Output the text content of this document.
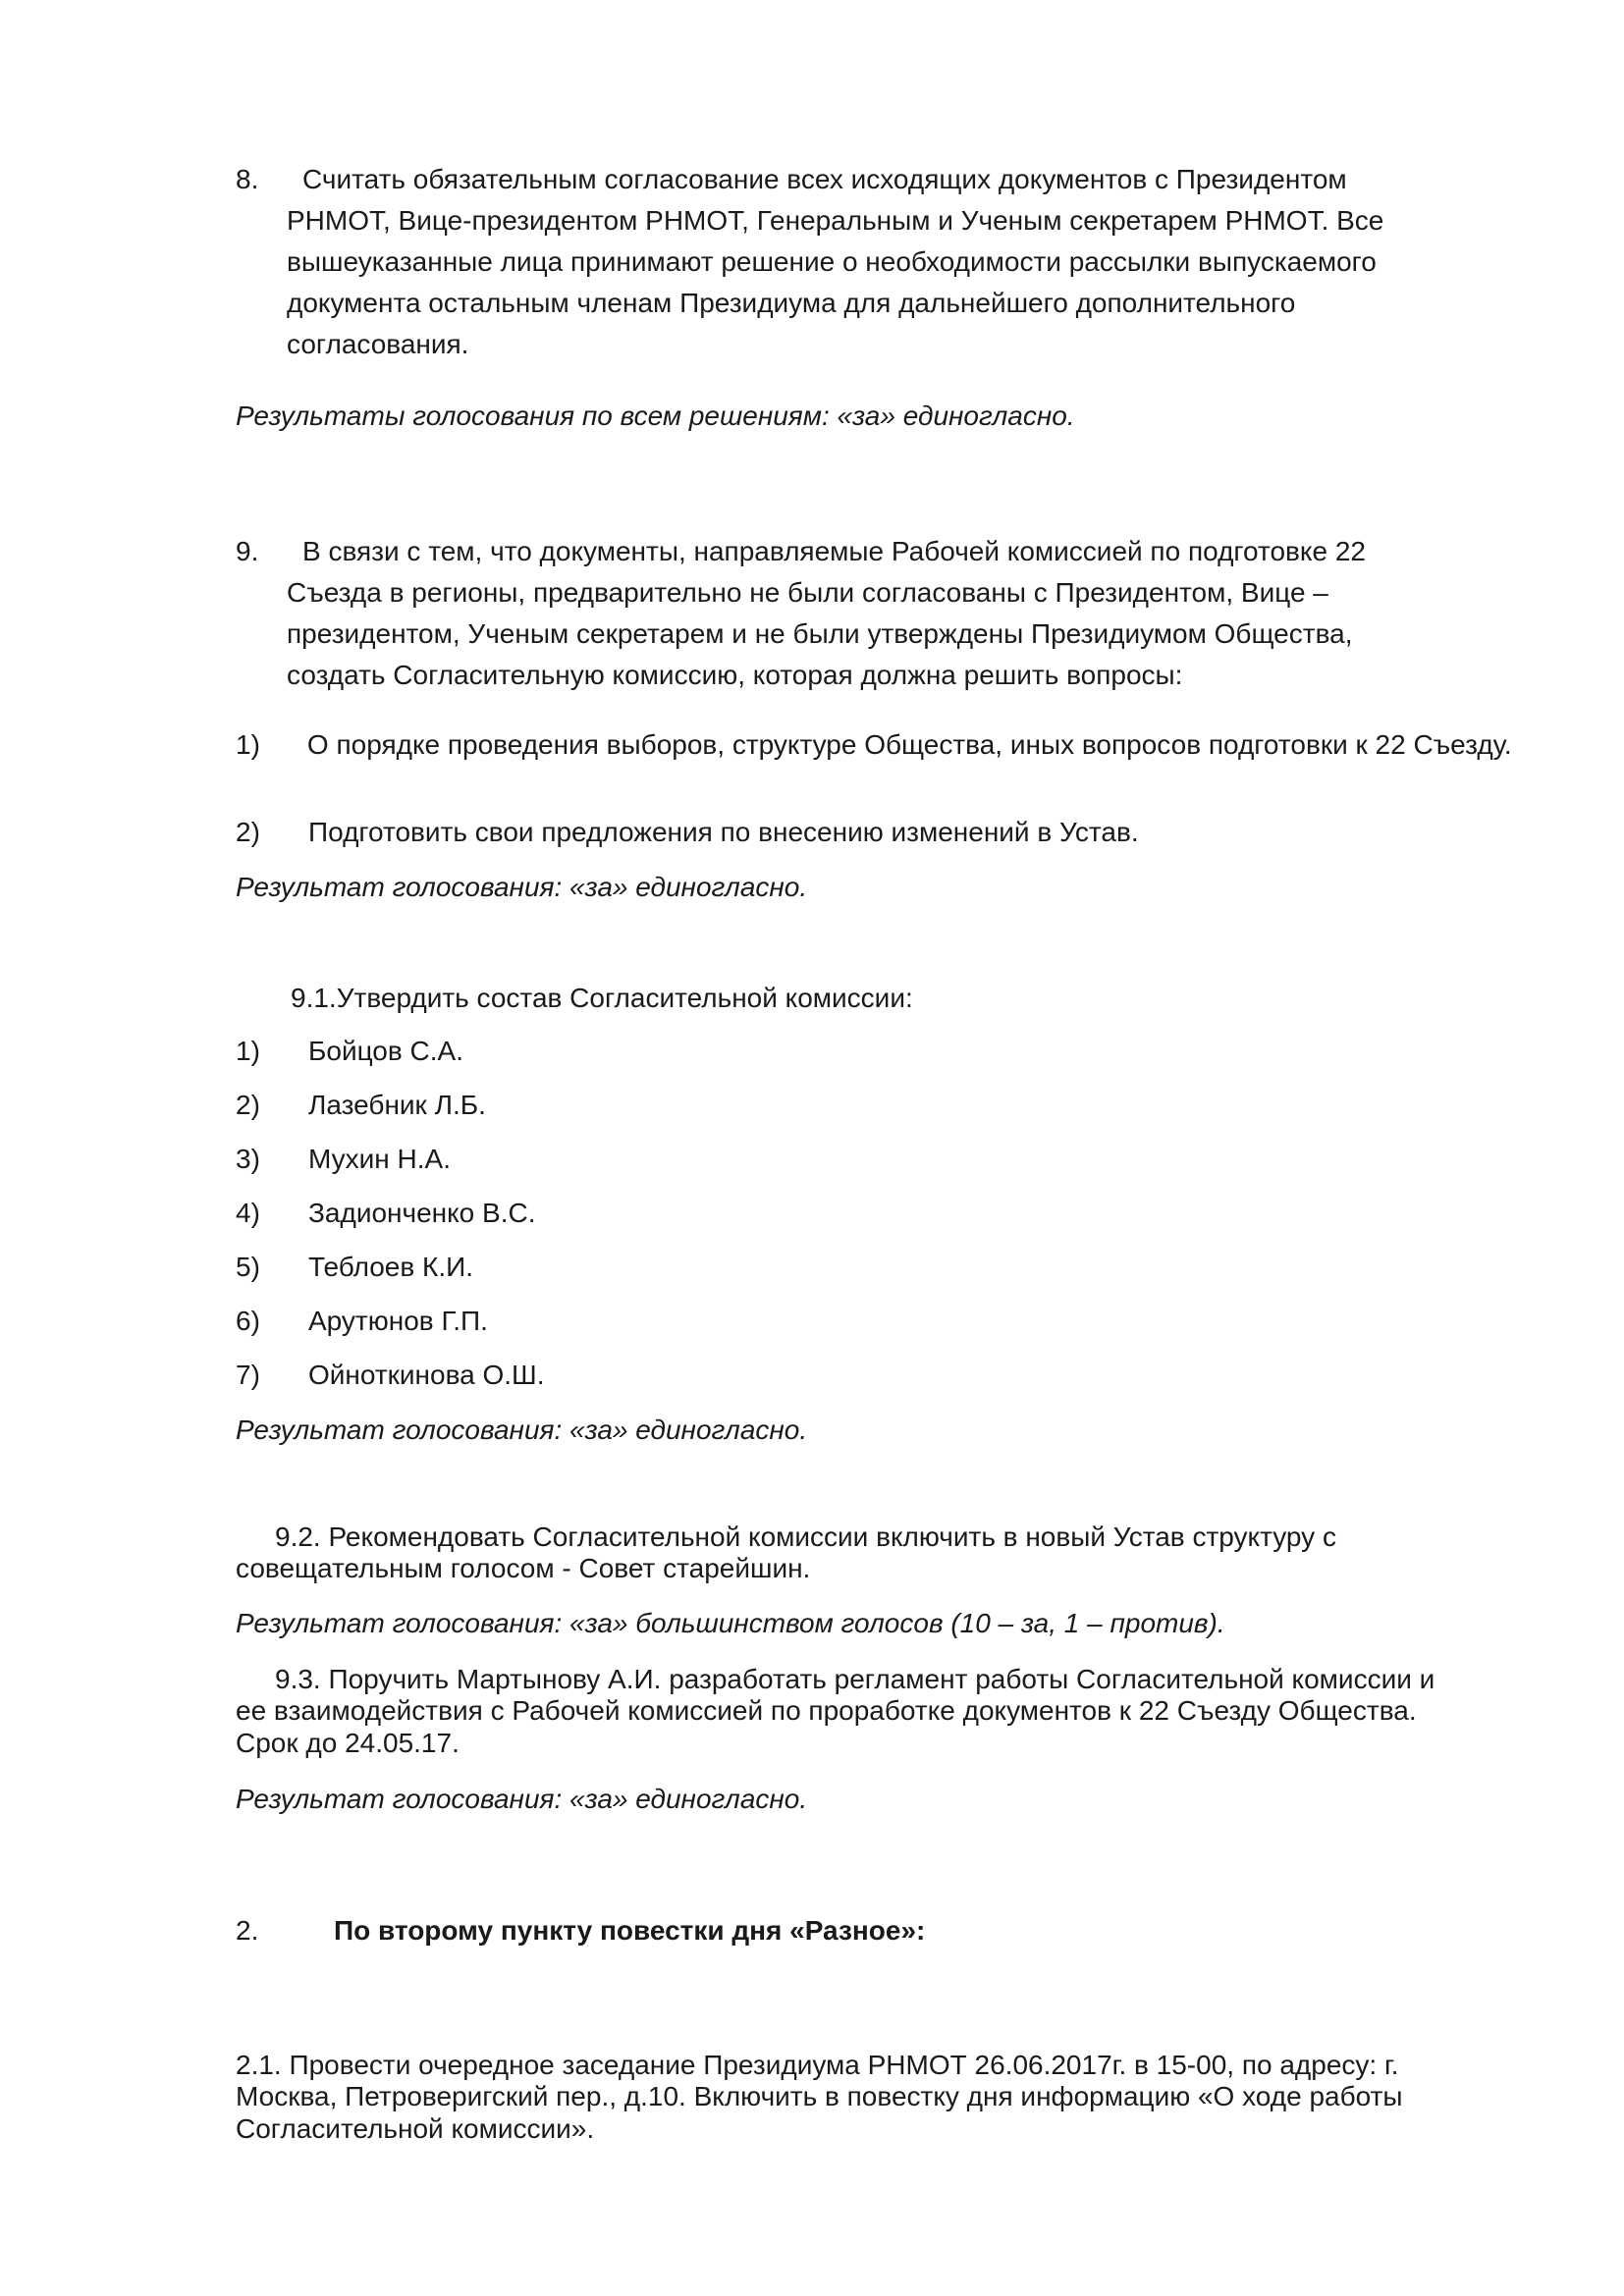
8.	Считать обязательным согласование всех исходящих документов с Президентом РНМОТ, Вице-президентом РНМОТ, Генеральным и Ученым секретарем РНМОТ. Все вышеуказанные лица принимают решение о необходимости рассылки выпускаемого документа остальным членам Президиума для дальнейшего дополнительного согласования.

Результаты голосования по всем решениям: «за» единогласно.

9.	В связи с тем, что документы, направляемые Рабочей комиссией по подготовке 22 Съезда в регионы, предварительно не были согласованы с Президентом, Вице – президентом, Ученым секретарем и не были утверждены Президиумом Общества, создать Согласительную комиссию, которая должна решить вопросы:
1) О порядке проведения выборов, структуре Общества, иных вопросов подготовки к 22 Съезду.
2) Подготовить свои предложения по внесению изменений в Устав.

Результат голосования: «за» единогласно.

9.1.Утвердить состав Согласительной комиссии:

1) Бойцов С.А.
2) Лазебник Л.Б.
3) Мухин Н.А.
4) Задионченко В.С.
5) Теблоев К.И.
6) Арутюнов Г.П.
7) Ойноткинова О.Ш.

Результат голосования: «за» единогласно.

9.2. Рекомендовать Согласительной комиссии включить в новый Устав структуру с

совещательным голосом - Совет старейшин.

Результат голосования: «за» большинством голосов (10 – за, 1 – против).

9.3. Поручить Мартынову А.И. разработать регламент работы Согласительной комиссии и

ее взаимодействия с Рабочей комиссией по проработке документов к 22 Съезду Общества.

Срок до 24.05.17.

Результат голосования: «за» единогласно.

2.	По второму пункту повестки дня «Разное»:

2.1. Провести очередное заседание Президиума РНМОТ 26.06.2017г. в 15-00, по адресу: г.

Москва, Петроверигский пер., д.10. Включить в повестку дня информацию «О ходе работы

Согласительной комиссии».
